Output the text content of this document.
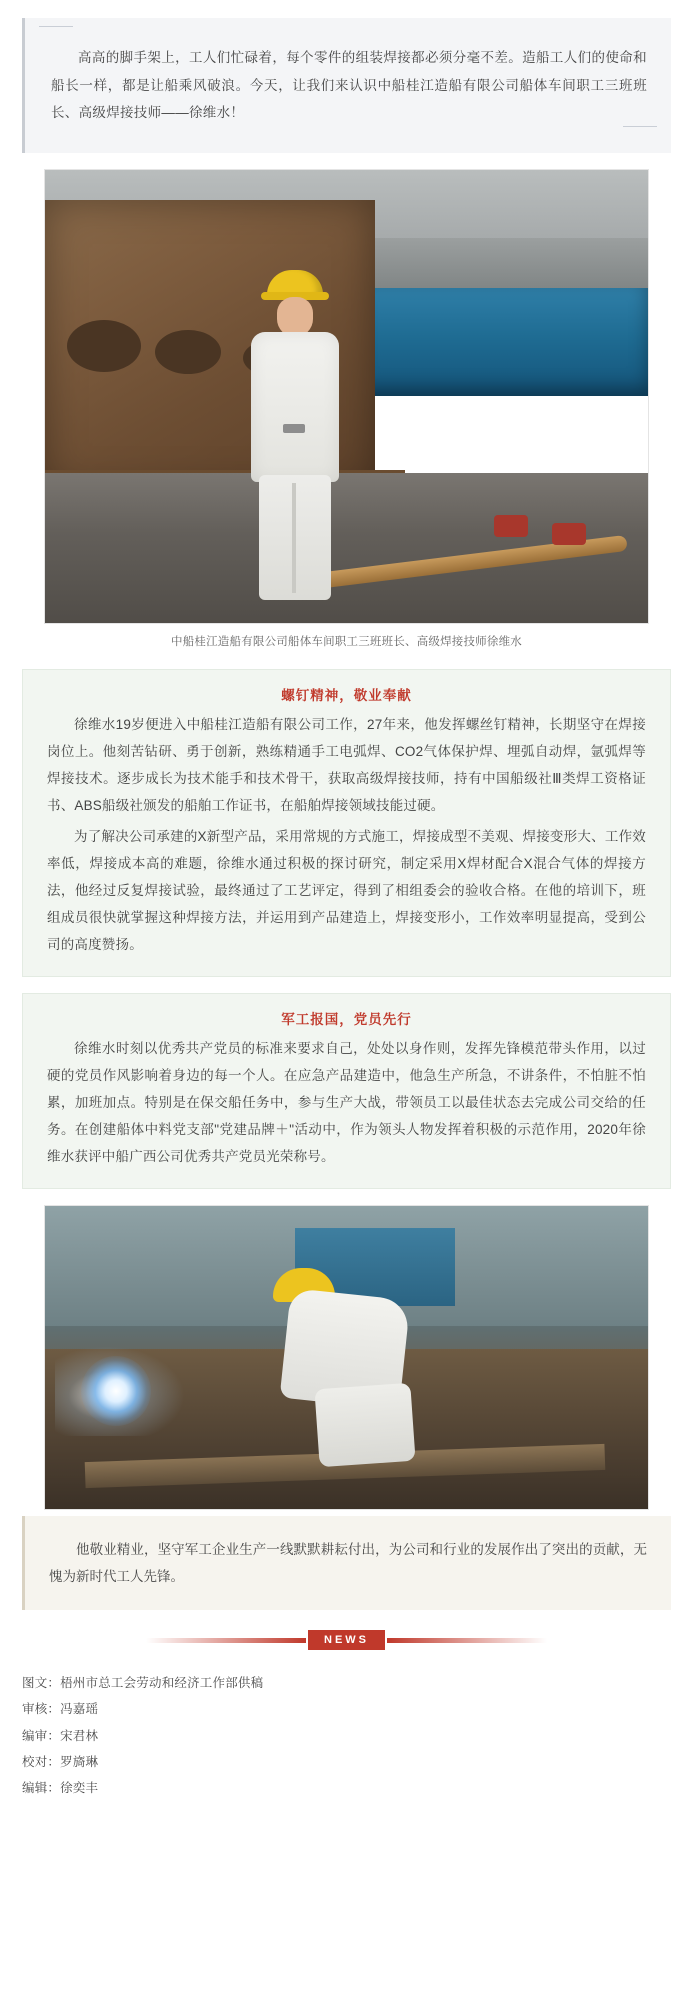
高高的脚手架上，工人们忙碌着，每个零件的组装焊接都必须分毫不差。造船工人们的使命和船长一样，都是让船乘风破浪。今天，让我们来认识中船桂江造船有限公司船体车间职工三班班长、高级焊接技师——徐维水！
中船桂江造船有限公司船体车间职工三班班长、高级焊接技师徐维水
螺钉精神，敬业奉献

徐维水19岁便进入中船桂江造船有限公司工作，27年来，他发挥螺丝钉精神，长期坚守在焊接岗位上。他刻苦钻研、勇于创新，熟练精通手工电弧焊、CO2气体保护焊、埋弧自动焊，氩弧焊等焊接技术。逐步成长为技术能手和技术骨干，获取高级焊接技师，持有中国船级社Ⅲ类焊工资格证书、ABS船级社颁发的船舶工作证书，在船舶焊接领域技能过硬。

为了解决公司承建的X新型产品，采用常规的方式施工，焊接成型不美观、焊接变形大、工作效率低，焊接成本高的难题，徐维水通过积极的探讨研究，制定采用X焊材配合X混合气体的焊接方法，他经过反复焊接试验，最终通过了工艺评定，得到了相组委会的验收合格。在他的培训下，班组成员很快就掌握这种焊接方法，并运用到产品建造上，焊接变形小，工作效率明显提高，受到公司的高度赞扬。

军工报国，党员先行

徐维水时刻以优秀共产党员的标准来要求自己，处处以身作则，发挥先锋模范带头作用，以过硬的党员作风影响着身边的每一个人。在应急产品建造中，他急生产所急，不讲条件，不怕脏不怕累，加班加点。特别是在保交船任务中，参与生产大战，带领员工以最佳状态去完成公司交给的任务。在创建船体中料党支部"党建品牌＋"活动中，作为领头人物发挥着积极的示范作用，2020年徐维水获评中船广西公司优秀共产党员光荣称号。

他敬业精业，坚守军工企业生产一线默默耕耘付出，为公司和行业的发展作出了突出的贡献，无愧为新时代工人先锋。

NEWS
图文：梧州市总工会劳动和经济工作部供稿
审核：冯嘉瑶
编审：宋君林
校对：罗旖琳
编辑：徐奕丰
